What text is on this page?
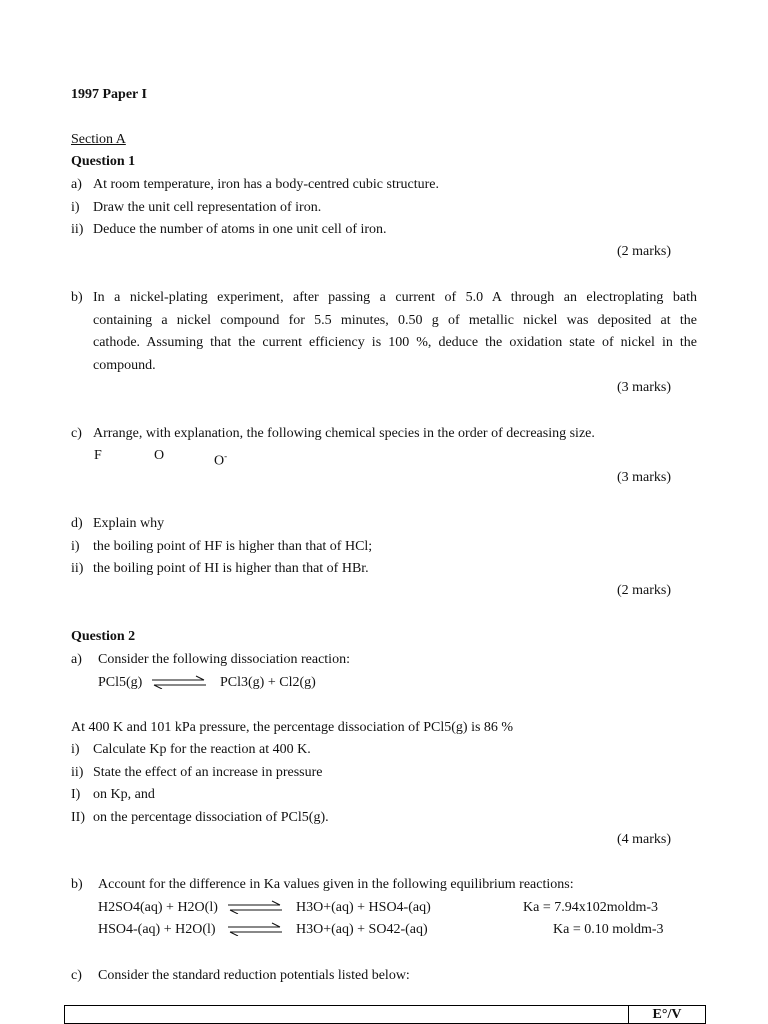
1997 Paper I
Section A
Question 1
a) At room temperature, iron has a body-centred cubic structure.
i) Draw the unit cell representation of iron.
ii) Deduce the number of atoms in one unit cell of iron.
(2 marks)
b) In a nickel-plating experiment, after passing a current of 5.0 A through an electroplating bath
containing a nickel compound for 5.5 minutes, 0.50 g of metallic nickel was deposited at the
cathode. Assuming that the current efficiency is 100 %, deduce the oxidation state of nickel in the
compound.
(3 marks)
c) Arrange, with explanation, the following chemical species in the order of decreasing size.
F	O	O-
(3 marks)
d) Explain why
i) the boiling point of HF is higher than that of HCl;
ii) the boiling point of HI is higher than that of HBr.
(2 marks)
Question 2
a) Consider the following dissociation reaction:
PCl5(g) ⇌ PCl3(g) + Cl2(g)
At 400 K and 101 kPa pressure, the percentage dissociation of PCl5(g) is 86 %
i) Calculate Kp for the reaction at 400 K.
ii) State the effect of an increase in pressure
I) on Kp, and
II) on the percentage dissociation of PCl5(g).
(4 marks)
b) Account for the difference in Ka values given in the following equilibrium reactions:
H2SO4(aq) + H2O(l) ⇌ H3O+(aq) + HSO4-(aq)	Ka = 7.94x102moldm-3
HSO4-(aq) + H2O(l) ⇌ H3O+(aq) + SO42-(aq)	Ka = 0.10 moldm-3
c) Consider the standard reduction potentials listed below:
	E°/V
